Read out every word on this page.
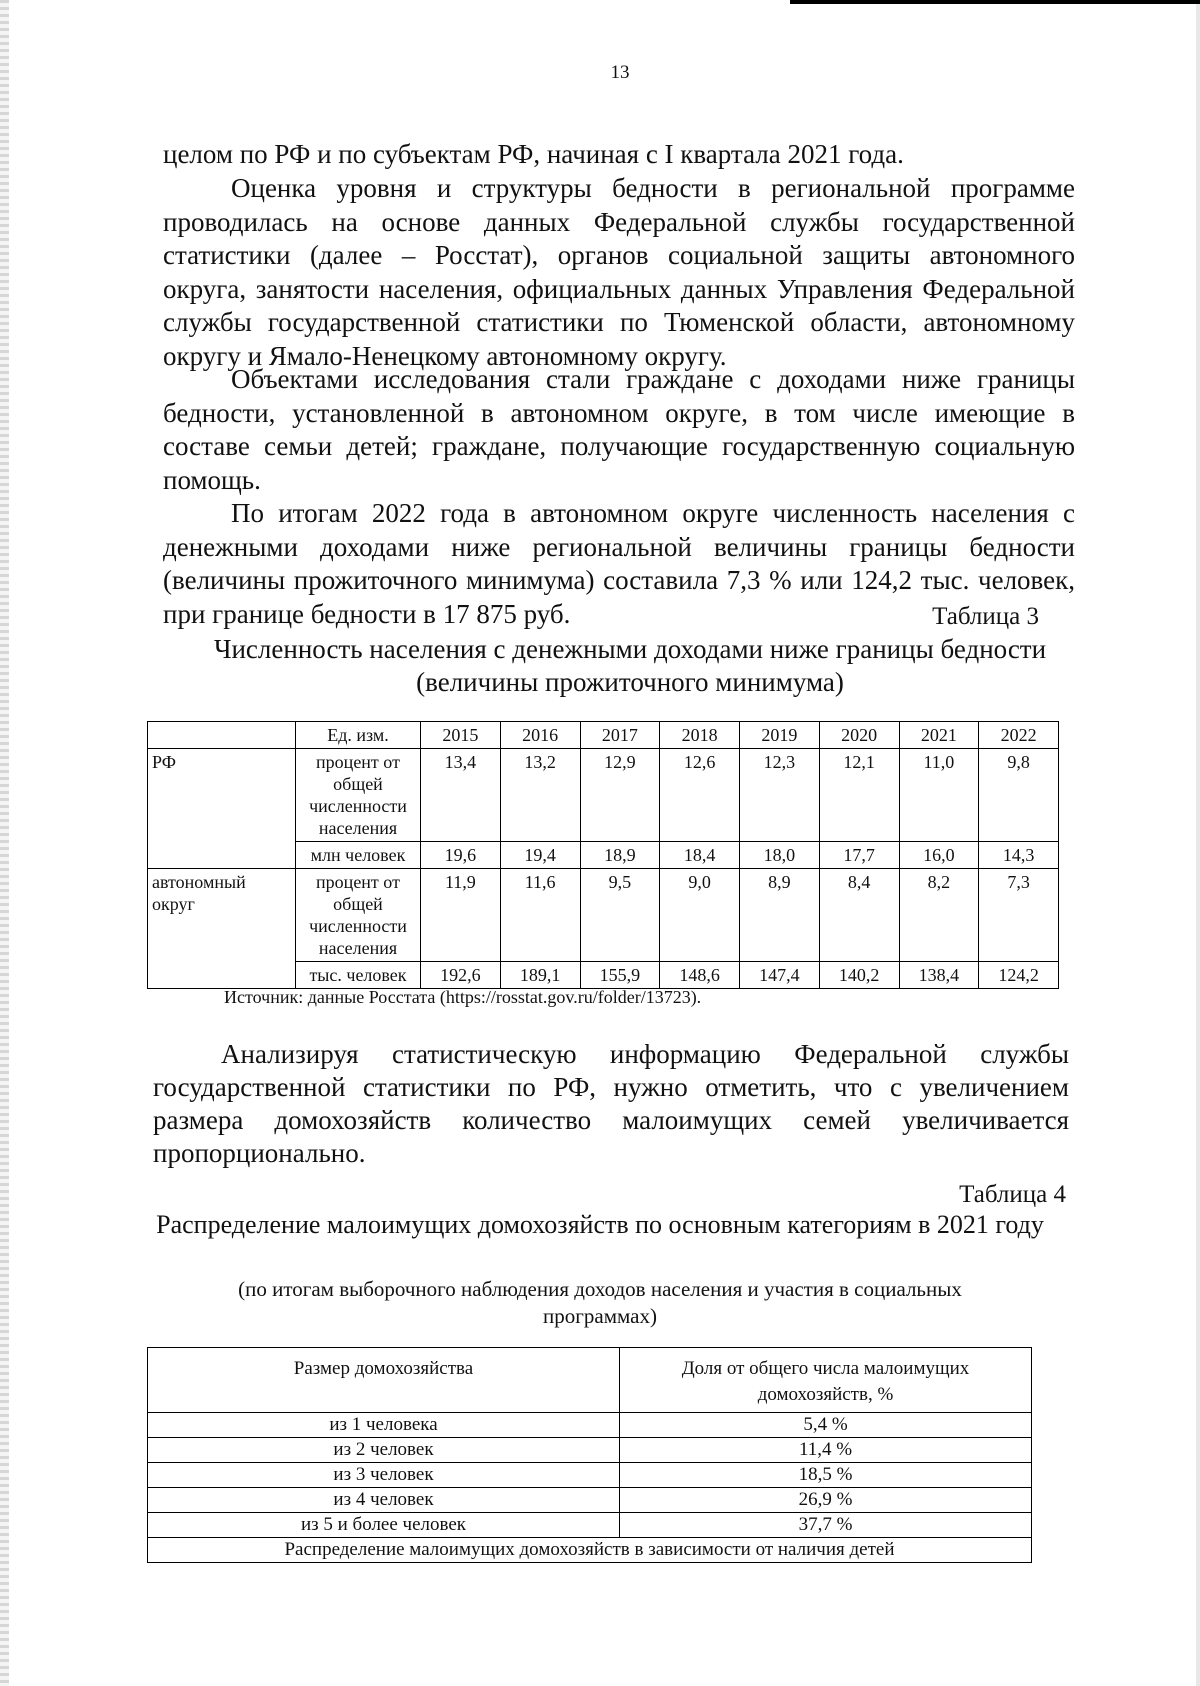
13

целом по РФ и по субъектам РФ, начиная с I квартала 2021 года.

Оценка уровня и структуры бедности в региональной программе проводилась на основе данных Федеральной службы государственной статистики (далее – Росстат), органов социальной защиты автономного округа, занятости населения, официальных данных Управления Федеральной службы государственной статистики по Тюменской области, автономному округу и Ямало-Ненецкому автономному округу.

Объектами исследования стали граждане с доходами ниже границы бедности, установленной в автономном округе, в том числе имеющие в составе семьи детей; граждане, получающие государственную социальную помощь.

По итогам 2022 года в автономном округе численность населения с денежными доходами ниже региональной величины границы бедности (величины прожиточного минимума) составила 7,3 % или 124,2 тыс. человек, при границе бедности в 17 875 руб.	Таблица 3
Численность населения с денежными доходами ниже границы бедности (величины прожиточного минимума)
	Ед. изм.	2015	2016	2017	2018	2019	2020	2021	2022
РФ	процент от общей численности населения	13,4	13,2	12,9	12,6	12,3	12,1	11,0	9,8
	млн человек	19,6	19,4	18,9	18,4	18,0	17,7	16,0	14,3
автономный округ	процент от общей численности населения	11,9	11,6	9,5	9,0	8,9	8,4	8,2	7,3
	тыс. человек	192,6	189,1	155,9	148,6	147,4	140,2	138,4	124,2
Источник: данные Росстата (https://rosstat.gov.ru/folder/13723).

Анализируя статистическую информацию Федеральной службы государственной статистики по РФ, нужно отметить, что с увеличением размера домохозяйств количество малоимущих семей увеличивается пропорционально.

Таблица 4
Распределение малоимущих домохозяйств по основным категориям в 2021 году
(по итогам выборочного наблюдения доходов населения и участия в социальных программах)
Размер домохозяйства	Доля от общего числа малоимущих домохозяйств, %
из 1 человека	5,4 %
из 2 человек	11,4 %
из 3 человек	18,5 %
из 4 человек	26,9 %
из 5 и более человек	37,7 %
Распределение малоимущих домохозяйств в зависимости от наличия детей	
